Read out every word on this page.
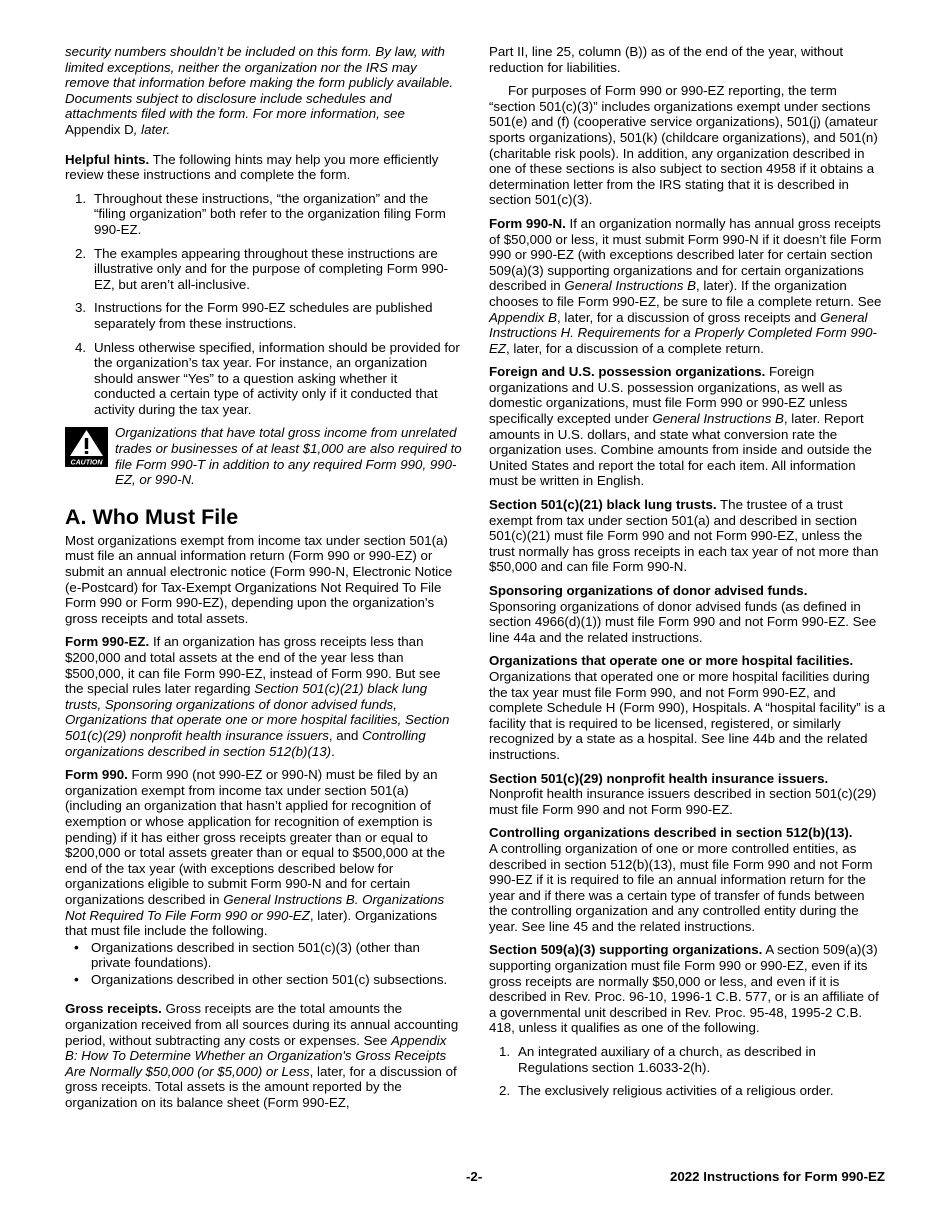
security numbers shouldn’t be included on this form. By law, with limited exceptions, neither the organization nor the IRS may remove that information before making the form publicly available. Documents subject to disclosure include schedules and attachments filed with the form. For more information, see Appendix D, later.

Helpful hints. The following hints may help you more efficiently review these instructions and complete the form.

1. Throughout these instructions, “the organization” and the “filing organization” both refer to the organization filing Form 990-EZ.
2. The examples appearing throughout these instructions are illustrative only and for the purpose of completing Form 990-EZ, but aren’t all-inclusive.
3. Instructions for the Form 990-EZ schedules are published separately from these instructions.
4. Unless otherwise specified, information should be provided for the organization’s tax year. For instance, an organization should answer “Yes” to a question asking whether it conducted a certain type of activity only if it conducted that activity during the tax year.
CAUTION
Organizations that have total gross income from unrelated trades or businesses of at least $1,000 are also required to file Form 990-T in addition to any required Form 990, 990-EZ, or 990-N.
A. Who Must File

Most organizations exempt from income tax under section 501(a) must file an annual information return (Form 990 or 990-EZ) or submit an annual electronic notice (Form 990-N, Electronic Notice (e-Postcard) for Tax-Exempt Organizations Not Required To File Form 990 or Form 990-EZ), depending upon the organization's gross receipts and total assets.

Form 990-EZ. If an organization has gross receipts less than $200,000 and total assets at the end of the year less than $500,000, it can file Form 990-EZ, instead of Form 990. But see the special rules later regarding Section 501(c)(21) black lung trusts, Sponsoring organizations of donor advised funds, Organizations that operate one or more hospital facilities, Section 501(c)(29) nonprofit health insurance issuers, and Controlling organizations described in section 512(b)(13).

Form 990. Form 990 (not 990-EZ or 990-N) must be filed by an organization exempt from income tax under section 501(a) (including an organization that hasn’t applied for recognition of exemption or whose application for recognition of exemption is pending) if it has either gross receipts greater than or equal to $200,000 or total assets greater than or equal to $500,000 at the end of the tax year (with exceptions described below for organizations eligible to submit Form 990-N and for certain organizations described in General Instructions B. Organizations Not Required To File Form 990 or 990-EZ, later). Organizations that must file include the following.

• Organizations described in section 501(c)(3) (other than private foundations).
• Organizations described in other section 501(c) subsections.

Gross receipts. Gross receipts are the total amounts the organization received from all sources during its annual accounting period, without subtracting any costs or expenses. See Appendix B: How To Determine Whether an Organization's Gross Receipts Are Normally $50,000 (or $5,000) or Less, later, for a discussion of gross receipts. Total assets is the amount reported by the organization on its balance sheet (Form 990-EZ,

Part II, line 25, column (B)) as of the end of the year, without reduction for liabilities.

For purposes of Form 990 or 990-EZ reporting, the term “section 501(c)(3)” includes organizations exempt under sections 501(e) and (f) (cooperative service organizations), 501(j) (amateur sports organizations), 501(k) (childcare organizations), and 501(n) (charitable risk pools). In addition, any organization described in one of these sections is also subject to section 4958 if it obtains a determination letter from the IRS stating that it is described in section 501(c)(3).

Form 990-N. If an organization normally has annual gross receipts of $50,000 or less, it must submit Form 990-N if it doesn’t file Form 990 or 990-EZ (with exceptions described later for certain section 509(a)(3) supporting organizations and for certain organizations described in General Instructions B, later). If the organization chooses to file Form 990-EZ, be sure to file a complete return. See Appendix B, later, for a discussion of gross receipts and General Instructions H. Requirements for a Properly Completed Form 990-EZ, later, for a discussion of a complete return.

Foreign and U.S. possession organizations. Foreign organizations and U.S. possession organizations, as well as domestic organizations, must file Form 990 or 990-EZ unless specifically excepted under General Instructions B, later. Report amounts in U.S. dollars, and state what conversion rate the organization uses. Combine amounts from inside and outside the United States and report the total for each item. All information must be written in English.

Section 501(c)(21) black lung trusts. The trustee of a trust exempt from tax under section 501(a) and described in section 501(c)(21) must file Form 990 and not Form 990-EZ, unless the trust normally has gross receipts in each tax year of not more than $50,000 and can file Form 990-N.

Sponsoring organizations of donor advised funds.
Sponsoring organizations of donor advised funds (as defined in section 4966(d)(1)) must file Form 990 and not Form 990-EZ. See line 44a and the related instructions.

Organizations that operate one or more hospital facilities.
Organizations that operated one or more hospital facilities during the tax year must file Form 990, and not Form 990-EZ, and complete Schedule H (Form 990), Hospitals. A “hospital facility” is a facility that is required to be licensed, registered, or similarly recognized by a state as a hospital. See line 44b and the related instructions.

Section 501(c)(29) nonprofit health insurance issuers.
Nonprofit health insurance issuers described in section 501(c)(29) must file Form 990 and not Form 990-EZ.

Controlling organizations described in section 512(b)(13).
A controlling organization of one or more controlled entities, as described in section 512(b)(13), must file Form 990 and not Form 990-EZ if it is required to file an annual information return for the year and if there was a certain type of transfer of funds between the controlling organization and any controlled entity during the year. See line 45 and the related instructions.

Section 509(a)(3) supporting organizations. A section 509(a)(3) supporting organization must file Form 990 or 990-EZ, even if its gross receipts are normally $50,000 or less, and even if it is described in Rev. Proc. 96-10, 1996-1 C.B. 577, or is an affiliate of a governmental unit described in Rev. Proc. 95-48, 1995-2 C.B. 418, unless it qualifies as one of the following.

1. An integrated auxiliary of a church, as described in Regulations section 1.6033-2(h).
2. The exclusively religious activities of a religious order.
-2-	2022 Instructions for Form 990-EZ
